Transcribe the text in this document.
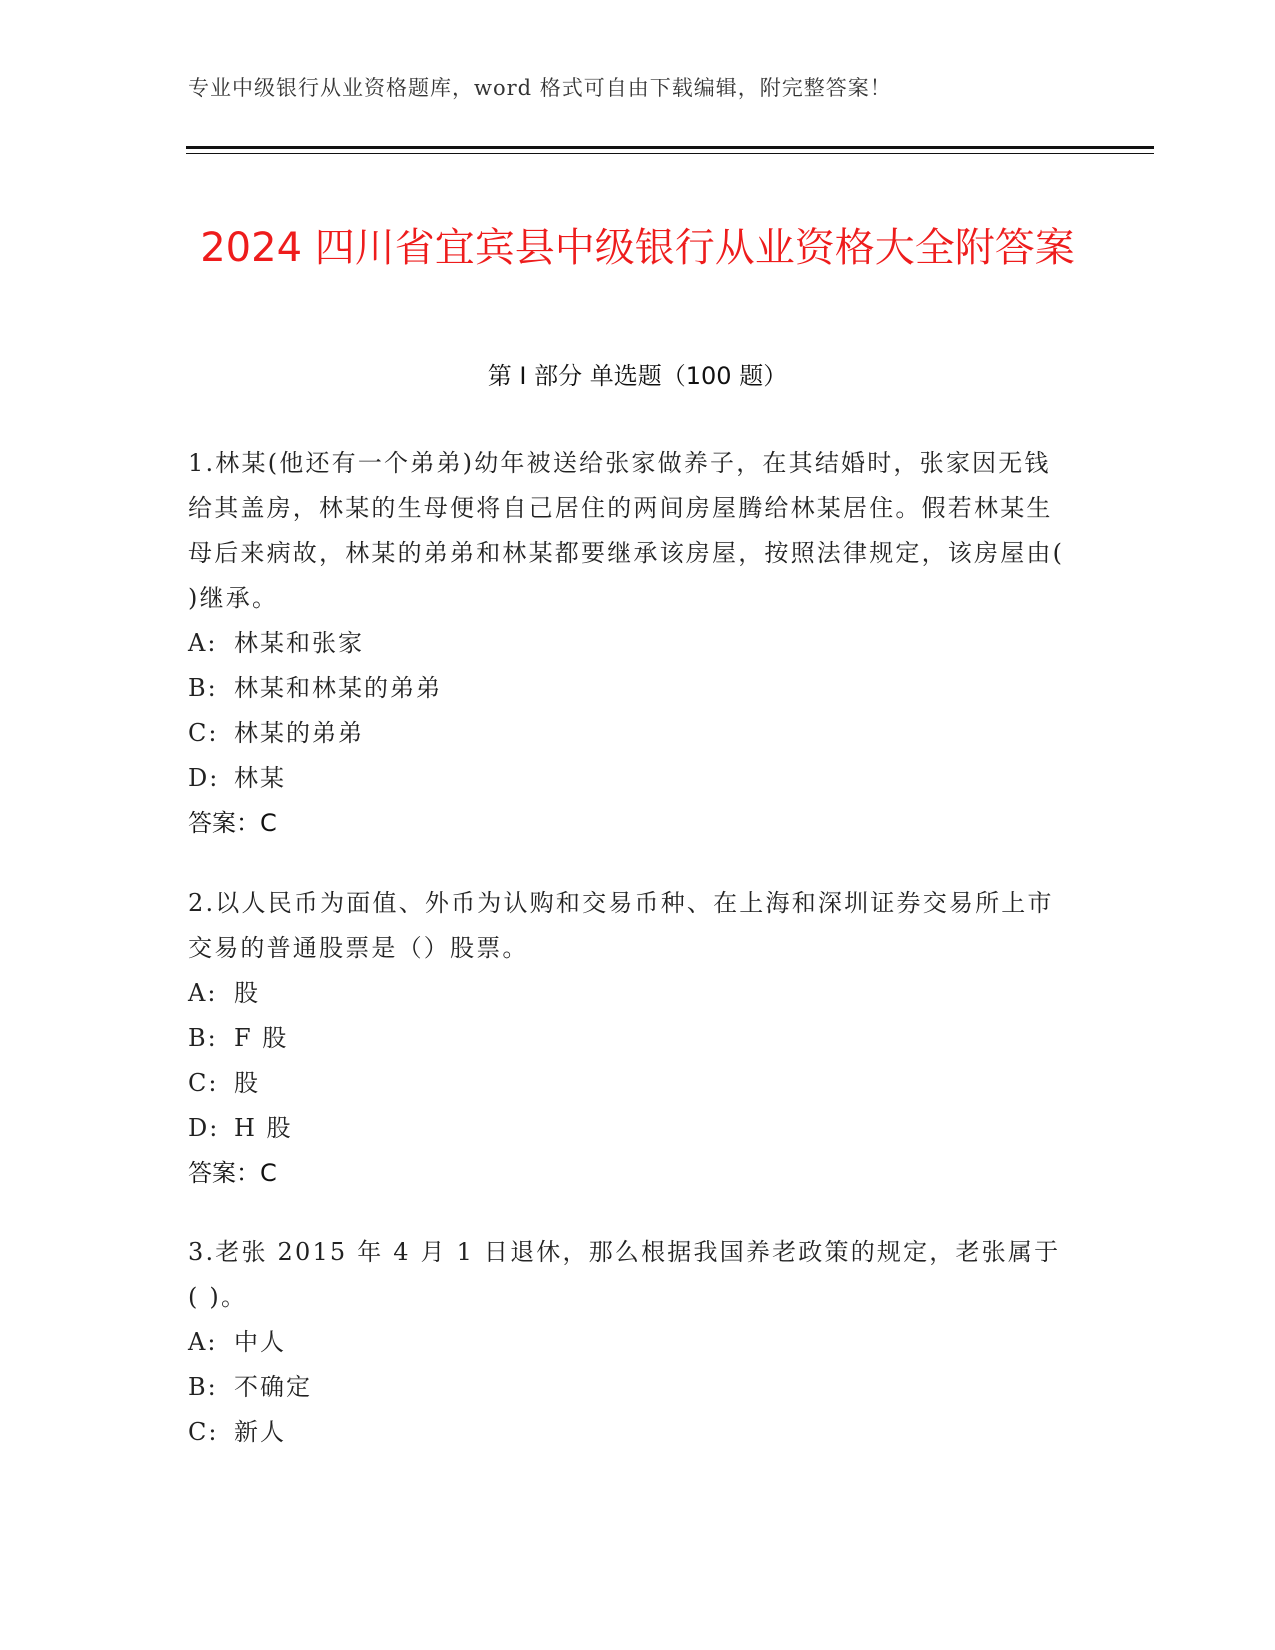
专业中级银行从业资格题库，word 格式可自由下载编辑，附完整答案！
2024 四川省宜宾县中级银行从业资格大全附答案
第 I 部分 单选题（100 题）

1.林某(他还有一个弟弟)幼年被送给张家做养子，在其结婚时，张家因无钱给其盖房，林某的生母便将自己居住的两间房屋腾给林某居住。假若林某生母后来病故，林某的弟弟和林某都要继承该房屋，按照法律规定，该房屋由( )继承。

A: 林某和张家
B: 林某和林某的弟弟
C: 林某的弟弟
D: 林某
答案：C

2.以人民币为面值、外币为认购和交易币种、在上海和深圳证券交易所上市交易的普通股票是（）股票。

A: 股
B: F 股
C: 股
D: H 股
答案：C

3.老张 2015 年 4 月 1 日退休，那么根据我国养老政策的规定，老张属于( )。

A: 中人
B: 不确定
C: 新人
